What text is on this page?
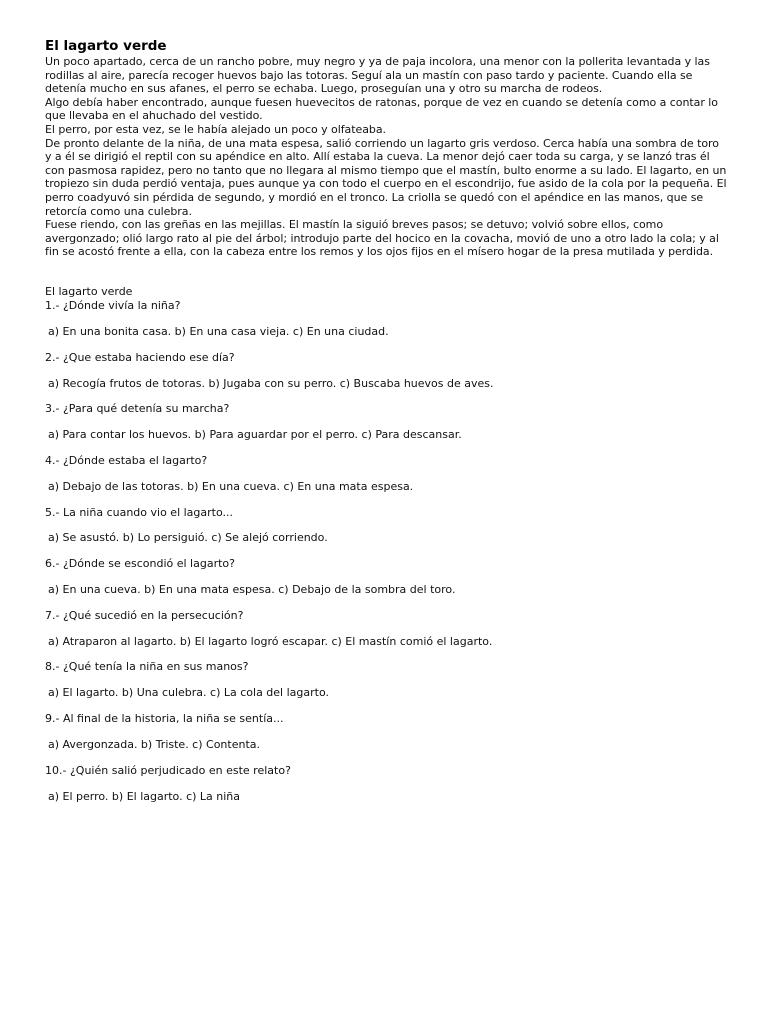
El lagarto verde

Un poco apartado, cerca de un rancho pobre, muy negro y ya de paja incolora, una menor con la pollerita levantada y las rodillas al aire, parecía recoger huevos bajo las totoras. Seguí ala un mastín con paso tardo y paciente. Cuando ella se detenía mucho en sus afanes, el perro se echaba. Luego, proseguían una y otro su marcha de rodeos.

Algo debía haber encontrado, aunque fuesen huevecitos de ratonas, porque de vez en cuando se detenía como a contar lo que llevaba en el ahuchado del vestido.

El perro, por esta vez, se le había alejado un poco y olfateaba.

De pronto delante de la niña, de una mata espesa, salió corriendo un lagarto gris verdoso. Cerca había una sombra de toro y a él se dirigió el reptil con su apéndice en alto. Allí estaba la cueva. La menor dejó caer toda su carga, y se lanzó tras él con pasmosa rapidez, pero no tanto que no llegara al mismo tiempo que el mastín, bulto enorme a su lado. El lagarto, en un tropiezo sin duda perdió ventaja, pues aunque ya con todo el cuerpo en el escondrijo, fue asido de la cola por la pequeña. El perro coadyuvó sin pérdida de segundo, y mordió en el tronco. La criolla se quedó con el apéndice en las manos, que se retorcía como una culebra.

Fuese riendo, con las greñas en las mejillas. El mastín la siguió breves pasos; se detuvo; volvió sobre ellos, como avergonzado; olió largo rato al pie del árbol; introdujo parte del hocico en la covacha, movió de uno a otro lado la cola; y al fin se acostó frente a ella, con la cabeza entre los remos y los ojos fijos en el mísero hogar de la presa mutilada y perdida.

El lagarto verde

1.- ¿Dónde vivía la niña?

a) En una bonita casa. b) En una casa vieja. c) En una ciudad.

2.- ¿Que estaba haciendo ese día?

a) Recogía frutos de totoras. b) Jugaba con su perro. c) Buscaba huevos de aves.

3.- ¿Para qué detenía su marcha?

a) Para contar los huevos. b) Para aguardar por el perro. c) Para descansar.

4.- ¿Dónde estaba el lagarto?

a) Debajo de las totoras. b) En una cueva. c) En una mata espesa.

5.- La niña cuando vio el lagarto...

a) Se asustó. b) Lo persiguió. c) Se alejó corriendo.

6.- ¿Dónde se escondió el lagarto?

a) En una cueva. b) En una mata espesa. c) Debajo de la sombra del toro.

7.- ¿Qué sucedió en la persecución?

a) Atraparon al lagarto. b) El lagarto logró escapar. c) El mastín comió el lagarto.

8.- ¿Qué tenía la niña en sus manos?

a) El lagarto. b) Una culebra. c) La cola del lagarto.

9.- Al final de la historia, la niña se sentía...

a) Avergonzada. b) Triste. c) Contenta.

10.- ¿Quién salió perjudicado en este relato?

a) El perro. b) El lagarto. c) La niña
